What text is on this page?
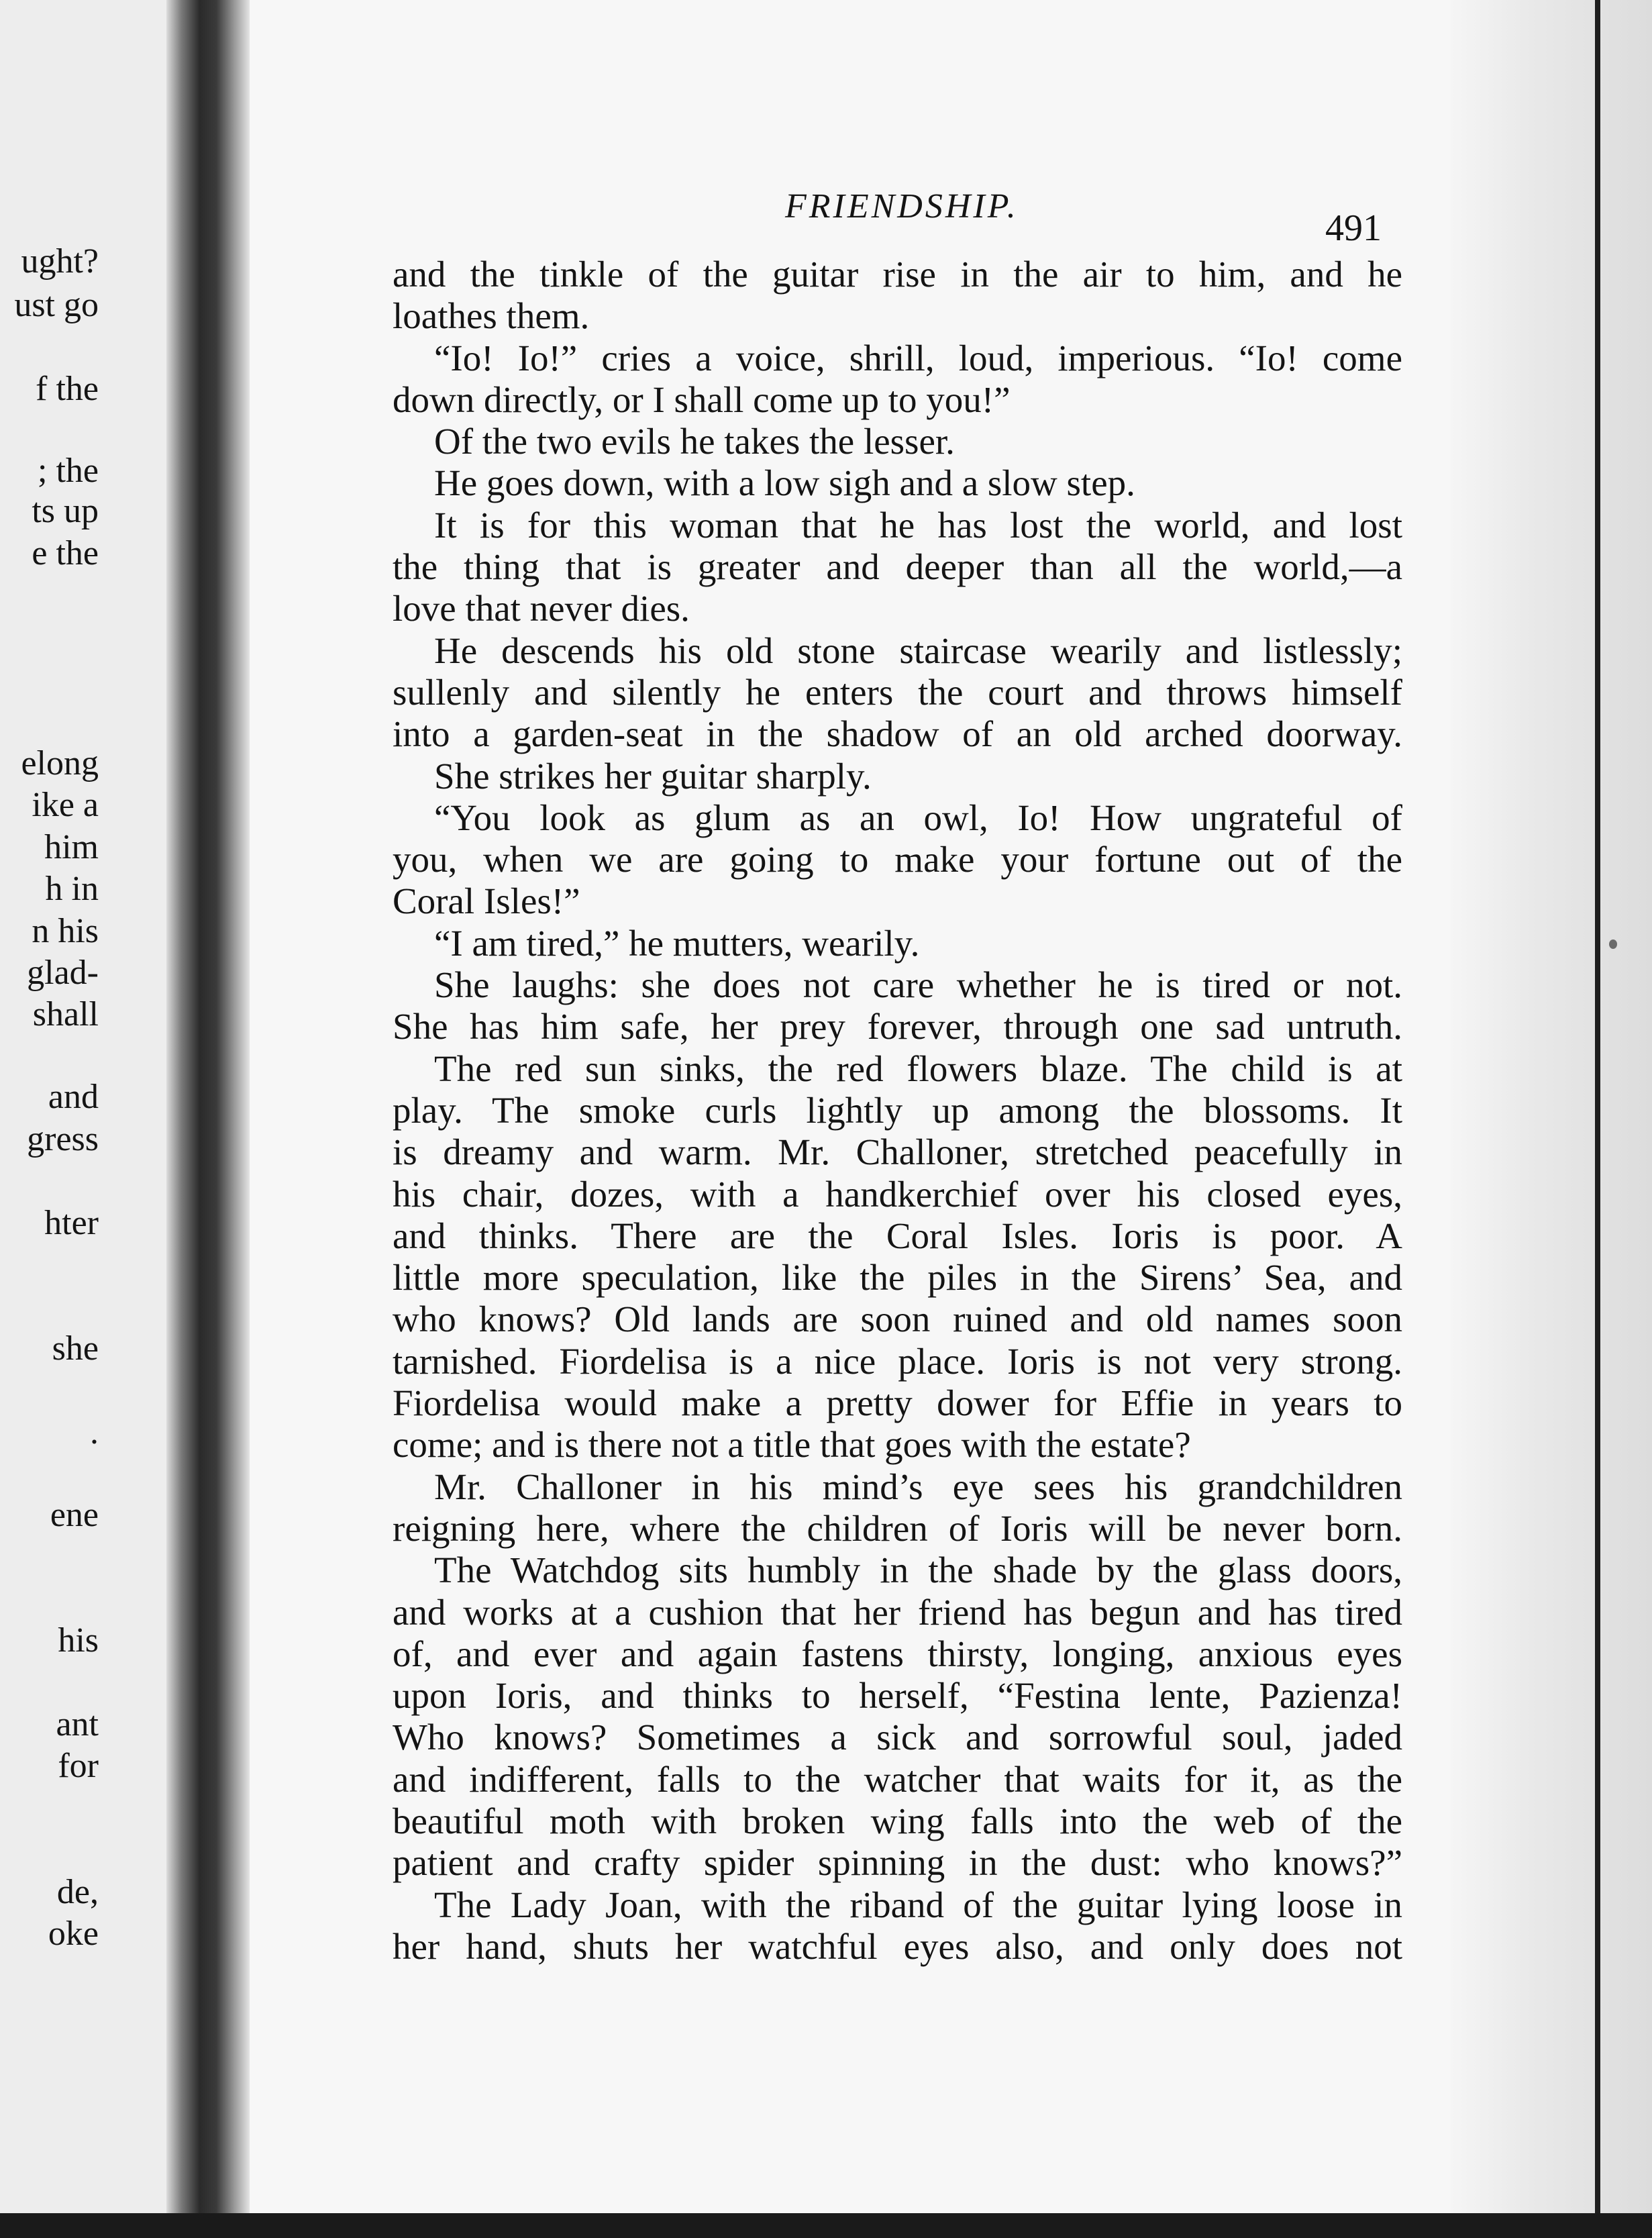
ught?
ust go
f the
; the
ts up
e the
elong
ike a
him
h in
n his
glad-
shall
and
gress
hter
she
.
ene
his
ant
for
de,
oke
FRIENDSHIP.
491
and the tinkle of the guitar rise in the air to him, and he
loathes them.
“Io! Io!” cries a voice, shrill, loud, imperious. “Io! come
down directly, or I shall come up to you!”
Of the two evils he takes the lesser.
He goes down, with a low sigh and a slow step.
It is for this woman that he has lost the world, and lost
the thing that is greater and deeper than all the world,—a
love that never dies.
He descends his old stone staircase wearily and listlessly;
sullenly and silently he enters the court and throws himself
into a garden-seat in the shadow of an old arched doorway.
She strikes her guitar sharply.
“You look as glum as an owl, Io! How ungrateful of
you, when we are going to make your fortune out of the
Coral Isles!”
“I am tired,” he mutters, wearily.
She laughs: she does not care whether he is tired or not.
She has him safe, her prey forever, through one sad untruth.
The red sun sinks, the red flowers blaze. The child is at
play. The smoke curls lightly up among the blossoms. It
is dreamy and warm. Mr. Challoner, stretched peacefully in
his chair, dozes, with a handkerchief over his closed eyes,
and thinks. There are the Coral Isles. Ioris is poor. A
little more speculation, like the piles in the Sirens’ Sea, and
who knows? Old lands are soon ruined and old names soon
tarnished. Fiordelisa is a nice place. Ioris is not very strong.
Fiordelisa would make a pretty dower for Effie in years to
come; and is there not a title that goes with the estate?
Mr. Challoner in his mind’s eye sees his grandchildren
reigning here, where the children of Ioris will be never born.
The Watchdog sits humbly in the shade by the glass doors,
and works at a cushion that her friend has begun and has tired
of, and ever and again fastens thirsty, longing, anxious eyes
upon Ioris, and thinks to herself, “Festina lente, Pazienza!
Who knows? Sometimes a sick and sorrowful soul, jaded
and indifferent, falls to the watcher that waits for it, as the
beautiful moth with broken wing falls into the web of the
patient and crafty spider spinning in the dust: who knows?”
The Lady Joan, with the riband of the guitar lying loose in
her hand, shuts her watchful eyes also, and only does not
